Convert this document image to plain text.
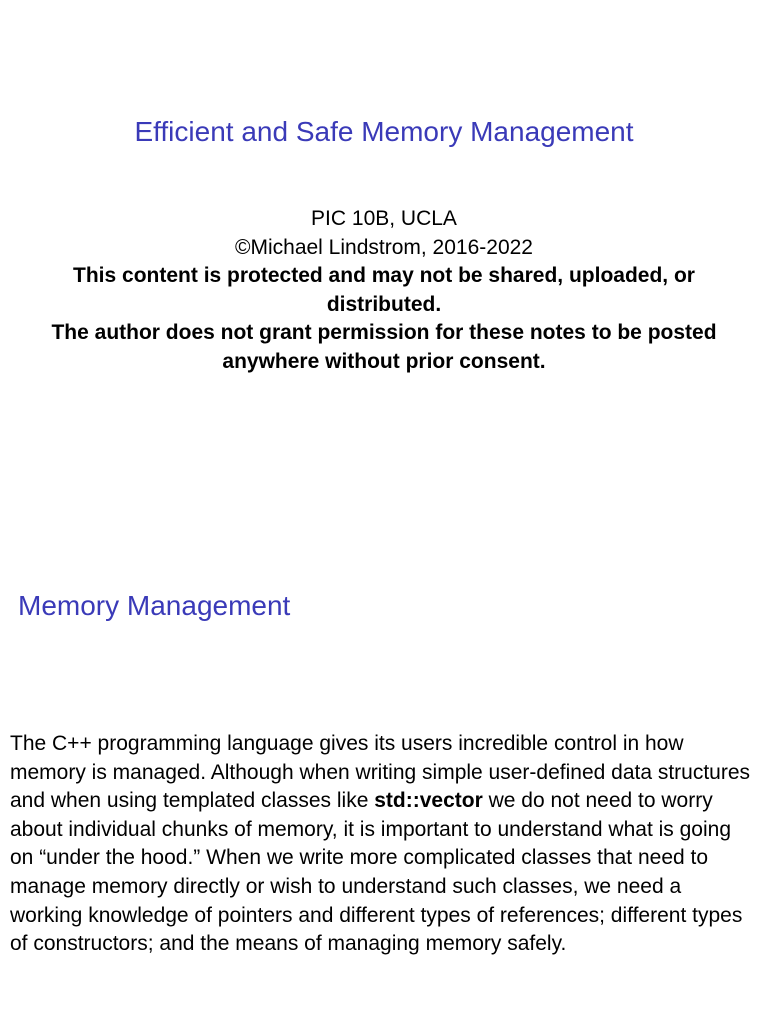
Efficient and Safe Memory Management
PIC 10B, UCLA
©Michael Lindstrom, 2016-2022
This content is protected and may not be shared, uploaded, or distributed.
The author does not grant permission for these notes to be posted anywhere without prior consent.
Memory Management

The C++ programming language gives its users incredible control in how memory is managed. Although when writing simple user-defined data structures and when using templated classes like std::vector we do not need to worry about individual chunks of memory, it is important to understand what is going on “under the hood.” When we write more complicated classes that need to manage memory directly or wish to understand such classes, we need a working knowledge of pointers and different types of references; different types of constructors; and the means of managing memory safely.
